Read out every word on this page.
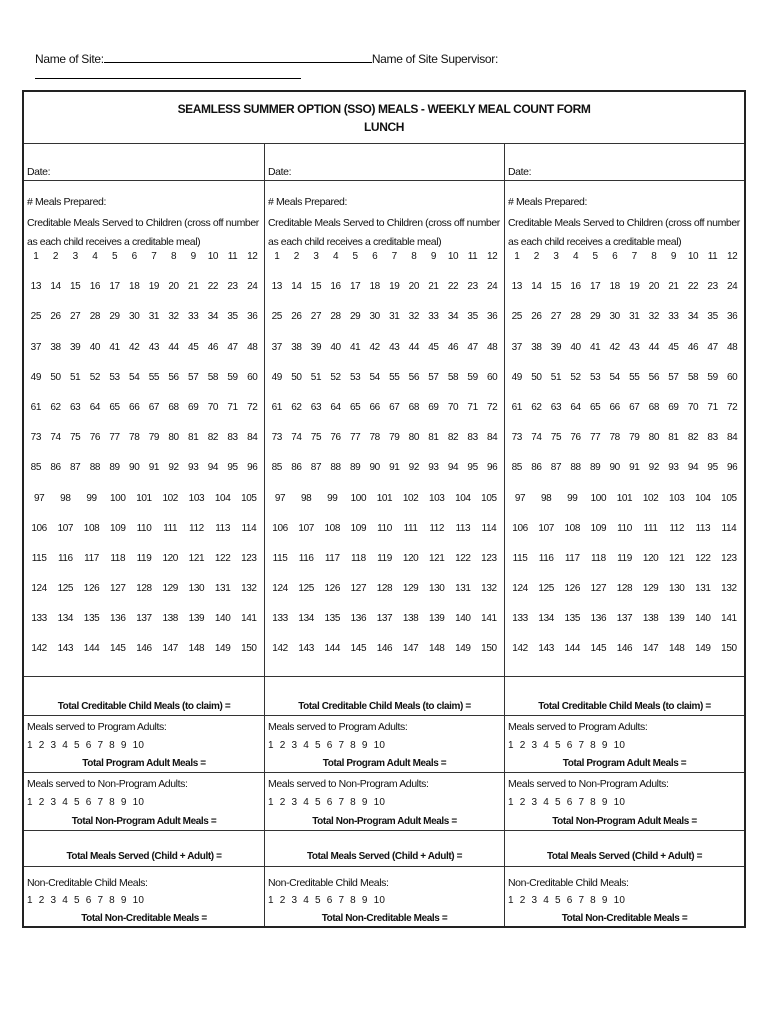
Name of Site:	Name of Site Supervisor:
SEAMLESS SUMMER OPTION (SSO) MEALS - WEEKLY MEAL COUNT FORM
LUNCH
Date:
# Meals Prepared:
Creditable Meals Served to Children (cross off number as each child receives a creditable meal)
1	2	3	4	5	6	7	8	9	10 11 12
13 14 15 16 17 18 19 20 21 22 23 24
25 26 27 28 29 30 31 32 33 34 35 36
37 38 39 40 41 42 43 44 45 46 47 48
49 50 51 52 53 54 55 56 57 58 59 60
61 62 63 64 65 66 67 68 69 70 71 72
73 74 75 76 77 78 79 80 81 82 83 84
85 86 87 88 89 90 91 92 93 94 95 96
97	98	99	100	101	102	103	104	105
106	107	108	109	110	111	112	113	114
115	116	117	118	119	120	121	122	123
124	125	126	127	128	129	130	131	132
133	134	135	136	137	138	139	140	141
142	143	144	145	146	147	148	149	150
Total Creditable Child Meals (to claim) =
Meals served to Program Adults:
1 2 3 4 5 6 7 8 9 10
Total Program Adult Meals =
Meals served to Non-Program Adults:
1 2 3 4 5 6 7 8 9 10
Total Non-Program Adult Meals =
Total Meals Served (Child + Adult) =
Non-Creditable Child Meals:
1 2 3 4 5 6 7 8 9 10
Total Non-Creditable Meals =
Date:
# Meals Prepared:
Creditable Meals Served to Children (cross off number as each child receives a creditable meal)
1	2	3	4	5	6	7	8	9	10 11 12
13 14 15 16 17 18 19 20 21 22 23 24
25 26 27 28 29 30 31 32 33 34 35 36
37 38 39 40 41 42 43 44 45 46 47 48
49 50 51 52 53 54 55 56 57 58 59 60
61 62 63 64 65 66 67 68 69 70 71 72
73 74 75 76 77 78 79 80 81 82 83 84
85 86 87 88 89 90 91 92 93 94 95 96
97	98	99	100	101	102	103	104	105
106	107	108	109	110	111	112	113	114
115	116	117	118	119	120	121	122	123
124	125	126	127	128	129	130	131	132
133	134	135	136	137	138	139	140	141
142	143	144	145	146	147	148	149	150
Total Creditable Child Meals (to claim) =
Meals served to Program Adults:
1 2 3 4 5 6 7 8 9 10
Total Program Adult Meals =
Meals served to Non-Program Adults:
1 2 3 4 5 6 7 8 9 10
Total Non-Program Adult Meals =
Total Meals Served (Child + Adult) =
Non-Creditable Child Meals:
1 2 3 4 5 6 7 8 9 10
Total Non-Creditable Meals =
Date:
# Meals Prepared:
Creditable Meals Served to Children (cross off number as each child receives a creditable meal)
1	2	3	4	5	6	7	8	9	10 11 12
13 14 15 16 17 18 19 20 21 22 23 24
25 26 27 28 29 30 31 32 33 34 35 36
37 38 39 40 41 42 43 44 45 46 47 48
49 50 51 52 53 54 55 56 57 58 59 60
61 62 63 64 65 66 67 68 69 70 71 72
73 74 75 76 77 78 79 80 81 82 83 84
85 86 87 88 89 90 91 92 93 94 95 96
97	98	99	100	101	102	103	104	105
106	107	108	109	110	111	112	113	114
115	116	117	118	119	120	121	122	123
124	125	126	127	128	129	130	131	132
133	134	135	136	137	138	139	140	141
142	143	144	145	146	147	148	149	150
Total Creditable Child Meals (to claim) =
Meals served to Program Adults:
1 2 3 4 5 6 7 8 9 10
Total Program Adult Meals =
Meals served to Non-Program Adults:
1 2 3 4 5 6 7 8 9 10
Total Non-Program Adult Meals =
Total Meals Served (Child + Adult) =
Non-Creditable Child Meals:
1 2 3 4 5 6 7 8 9 10
Total Non-Creditable Meals =
